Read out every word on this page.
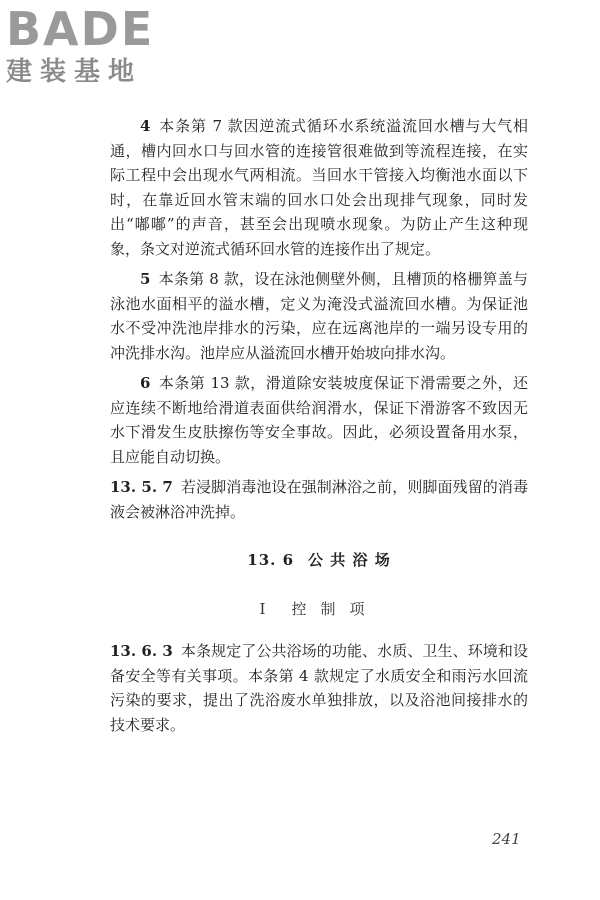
BADE
建装基地

4 本条第 7 款因逆流式循环水系统溢流回水槽与大气相通，槽内回水口与回水管的连接管很难做到等流程连接，在实际工程中会出现水气两相流。当回水干管接入均衡池水面以下时，在靠近回水管末端的回水口处会出现排气现象，同时发出“嘟嘟”的声音，甚至会出现喷水现象。为防止产生这种现象，条文对逆流式循环回水管的连接作出了规定。

5 本条第 8 款，设在泳池侧壁外侧，且槽顶的格栅箅盖与泳池水面相平的溢水槽，定义为淹没式溢流回水槽。为保证池水不受冲洗池岸排水的污染，应在远离池岸的一端另设专用的冲洗排水沟。池岸应从溢流回水槽开始坡向排水沟。

6 本条第 13 款，滑道除安装坡度保证下滑需要之外，还应连续不断地给滑道表面供给润滑水，保证下滑游客不致因无水下滑发生皮肤擦伤等安全事故。因此，必须设置备用水泵，且应能自动切换。

13. 5. 7 若浸脚消毒池设在强制淋浴之前，则脚面残留的消毒液会被淋浴冲洗掉。

13. 6 公 共 浴 场
I 控制项

13. 6. 3 本条规定了公共浴场的功能、水质、卫生、环境和设备安全等有关事项。本条第 4 款规定了水质安全和雨污水回流污染的要求，提出了洗浴废水单独排放，以及浴池间接排水的技术要求。

241
